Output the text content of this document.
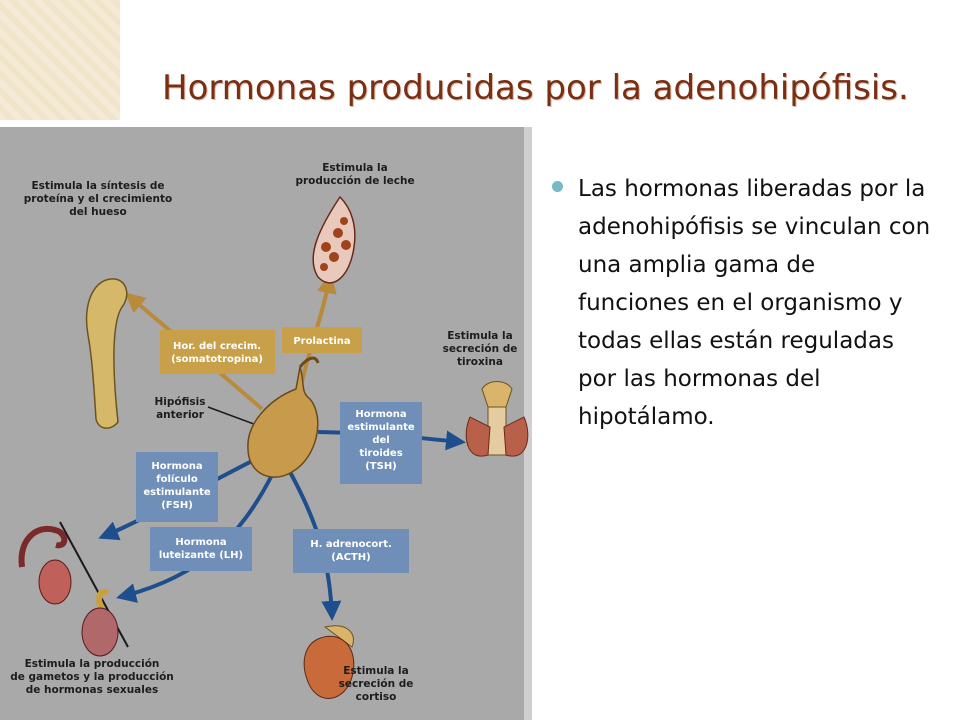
Hormonas producidas por la adenohipófisis.
Estimula la síntesis de proteína y el crecimiento del hueso
Estimula la producción de leche
Estimula la secreción de tiroxina
Estimula la producción de gametos y la producción de hormonas sexuales
Estimula la secreción de cortiso
Hipófisis anterior
Hor. del crecim. (somatotropina)
Prolactina
Hormona estimulante del tiroides (TSH)
Hormona folículo estimulante (FSH)
Hormona luteizante (LH)
H. adrenocort. (ACTH)

Las hormonas liberadas por la adenohipófisis se vinculan con una amplia gama de funciones en el organismo y todas ellas están reguladas por las hormonas del hipotálamo.
